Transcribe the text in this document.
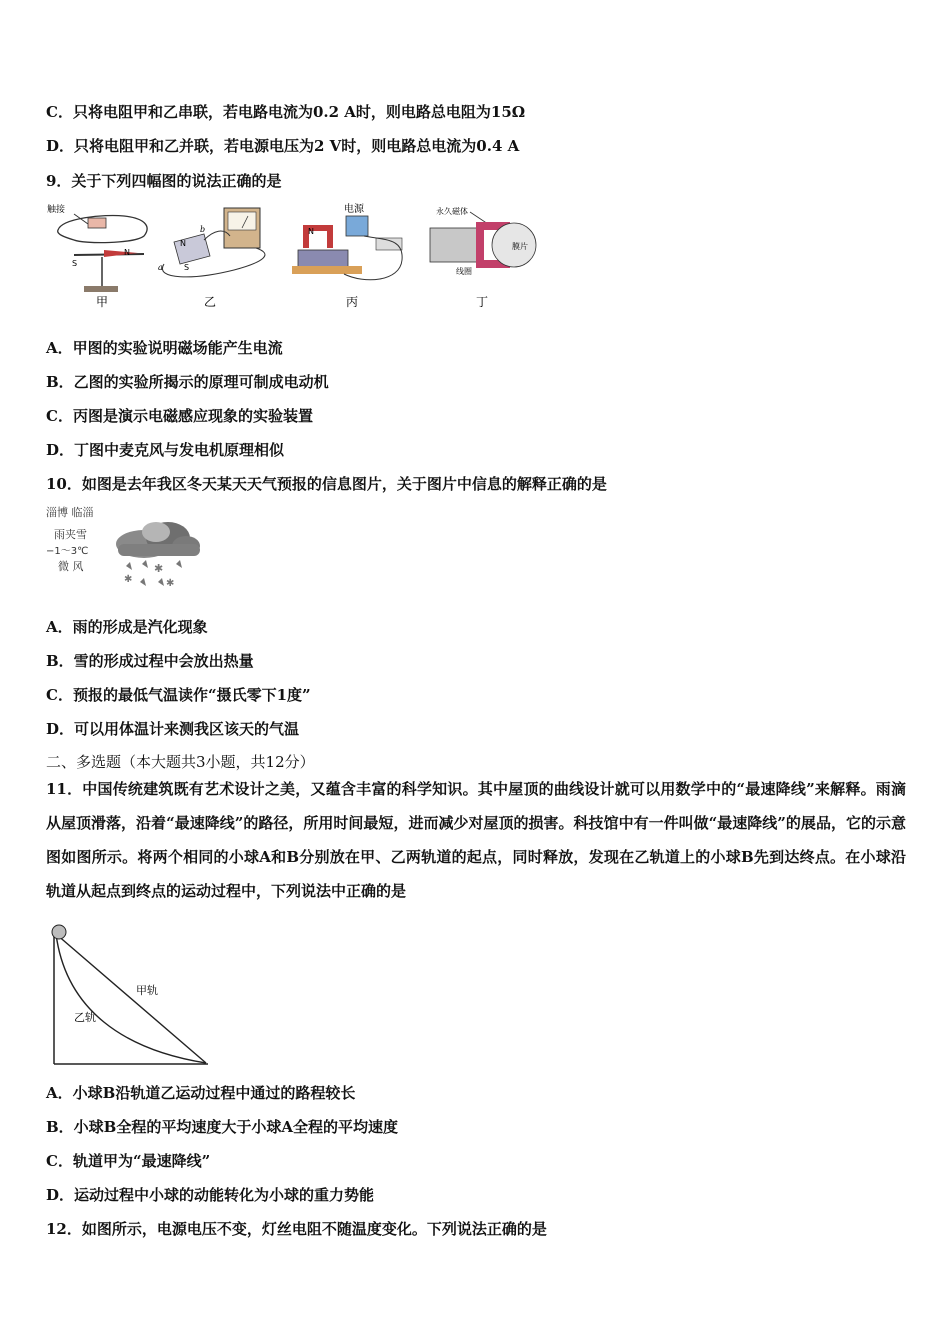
C．只将电阻甲和乙串联，若电路电流为0.2 A时，则电路总电阻为15Ω
D．只将电阻甲和乙并联，若电源电压为2 V时，则电路总电流为0.4 A
9．关于下列四幅图的说法正确的是
触接
S
N
N
S
a
b
电源
N
永久磁体
膜片
线圈
甲	乙	丙	丁
A．甲图的实验说明磁场能产生电流
B．乙图的实验所揭示的原理可制成电动机
C．丙图是演示电磁感应现象的实验装置
D．丁图中麦克风与发电机原理相似
10．如图是去年我区冬天某天天气预报的信息图片，关于图片中信息的解释正确的是
淄博 临淄
雨夹雪
−1～3℃
微 风	✱
✱	✱
A．雨的形成是汽化现象
B．雪的形成过程中会放出热量
C．预报的最低气温读作“摄氏零下1度”
D．可以用体温计来测我区该天的气温
二、多选题（本大题共3小题，共12分）
11．中国传统建筑既有艺术设计之美，又蕴含丰富的科学知识。其中屋顶的曲线设计就可以用数学中的“最速降线”来解释。雨滴从屋顶滑落，沿着“最速降线”的路径，所用时间最短，进而减少对屋顶的损害。科技馆中有一件叫做“最速降线”的展品，它的示意图如图所示。将两个相同的小球A和B分别放在甲、乙两轨道的起点，同时释放，发现在乙轨道上的小球B先到达终点。在小球沿轨道从起点到终点的运动过程中，下列说法中正确的是
甲轨
乙轨
A．小球B沿轨道乙运动过程中通过的路程较长
B．小球B全程的平均速度大于小球A全程的平均速度
C．轨道甲为“最速降线”
D．运动过程中小球的动能转化为小球的重力势能
12．如图所示，电源电压不变，灯丝电阻不随温度变化。下列说法正确的是
